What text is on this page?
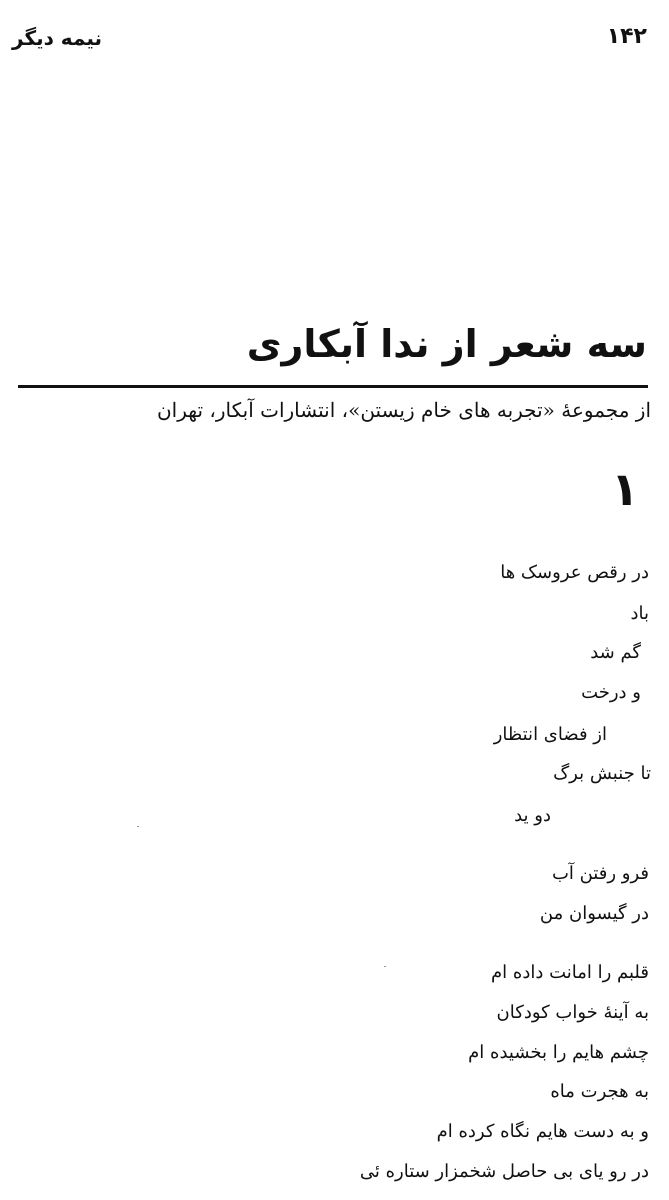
۱۴۲
نیمه دیگر
سه شعر از ندا آبکاری
از مجموعهٔ «تجربه های خام زیستن»، انتشارات آبکار، تهران
۱
در رقص عروسک ها
باد
گم شد
و درخت
از فضای انتظار
تا جنبش برگ
دو ید
فرو رفتن آب
در گیسوان من
قلبم را امانت داده ام
به آینهٔ خواب کودکان
چشم هایم را بخشیده ام
به هجرت ماه
و به دست هایم نگاه کرده ام
در رو یای بی حاصل شخمزار ستاره ئی
